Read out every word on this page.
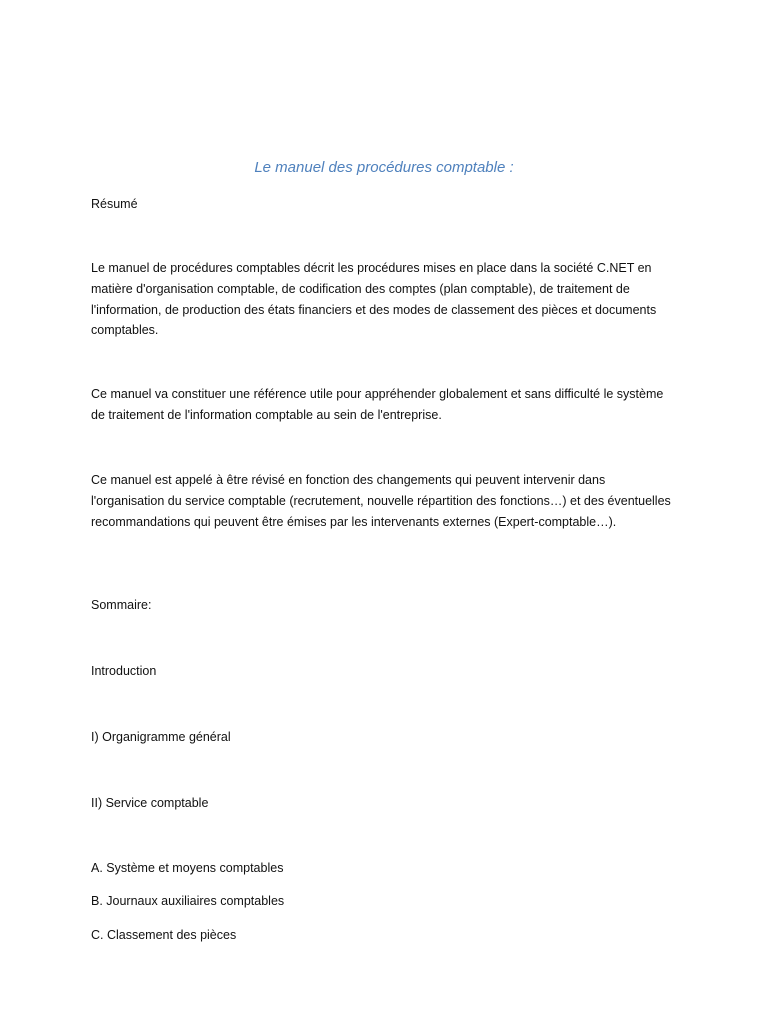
Le manuel des procédures comptable :
Résumé

Le manuel de procédures comptables décrit les procédures mises en place dans la société C.NET en matière d'organisation comptable, de codification des comptes (plan comptable), de traitement de l'information, de production des états financiers et des modes de classement des pièces et documents comptables.

Ce manuel va constituer une référence utile pour appréhender globalement et sans difficulté le système de traitement de l'information comptable au sein de l'entreprise.

Ce manuel est appelé à être révisé en fonction des changements qui peuvent intervenir dans l'organisation du service comptable (recrutement, nouvelle répartition des fonctions…) et des éventuelles recommandations qui peuvent être émises par les intervenants externes (Expert-comptable…).

Sommaire:
Introduction
I) Organigramme général
II) Service comptable
A. Système et moyens comptables
B. Journaux auxiliaires comptables
C. Classement des pièces
